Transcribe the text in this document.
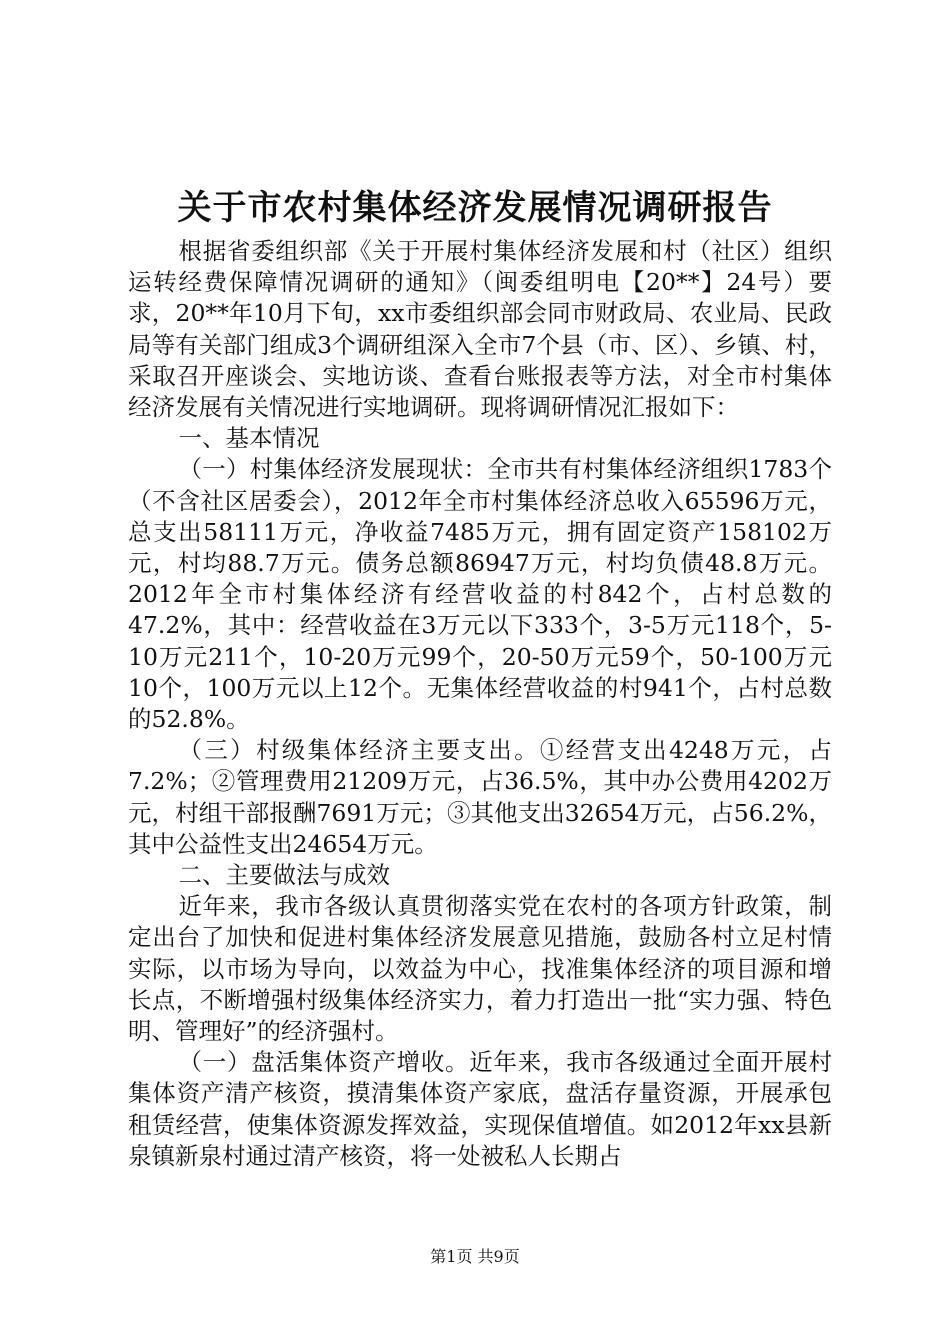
关于市农村集体经济发展情况调研报告

根据省委组织部《关于开展村集体经济发展和村（社区）组织运转经费保障情况调研的通知》（闽委组明电【20**】24号）要求，20**年10月下旬，xx市委组织部会同市财政局、农业局、民政局等有关部门组成3个调研组深入全市7个县（市、区）、乡镇、村，采取召开座谈会、实地访谈、查看台账报表等方法，对全市村集体经济发展有关情况进行实地调研。现将调研情况汇报如下：

一、基本情况

（一）村集体经济发展现状：全市共有村集体经济组织1783个（不含社区居委会），2012年全市村集体经济总收入65596万元，总支出58111万元，净收益7485万元，拥有固定资产158102万元，村均88.7万元。债务总额86947万元，村均负债48.8万元。2012年全市村集体经济有经营收益的村842个，占村总数的47.2%，其中：经营收益在3万元以下333个，3-5万元118个，5-10万元211个，10-20万元99个，20-50万元59个，50-100万元10个，100万元以上12个。无集体经营收益的村941个，占村总数的52.8%。

（三）村级集体经济主要支出。①经营支出4248万元，占7.2%；②管理费用21209万元，占36.5%，其中办公费用4202万元，村组干部报酬7691万元；③其他支出32654万元，占56.2%，其中公益性支出24654万元。

二、主要做法与成效

近年来，我市各级认真贯彻落实党在农村的各项方针政策，制定出台了加快和促进村集体经济发展意见措施，鼓励各村立足村情实际，以市场为导向，以效益为中心，找准集体经济的项目源和增长点，不断增强村级集体经济实力，着力打造出一批“实力强、特色明、管理好”的经济强村。

（一）盘活集体资产增收。近年来，我市各级通过全面开展村集体资产清产核资，摸清集体资产家底，盘活存量资源，开展承包租赁经营，使集体资源发挥效益，实现保值增值。如2012年xx县新泉镇新泉村通过清产核资，将一处被私人长期占

第1页 共9页
